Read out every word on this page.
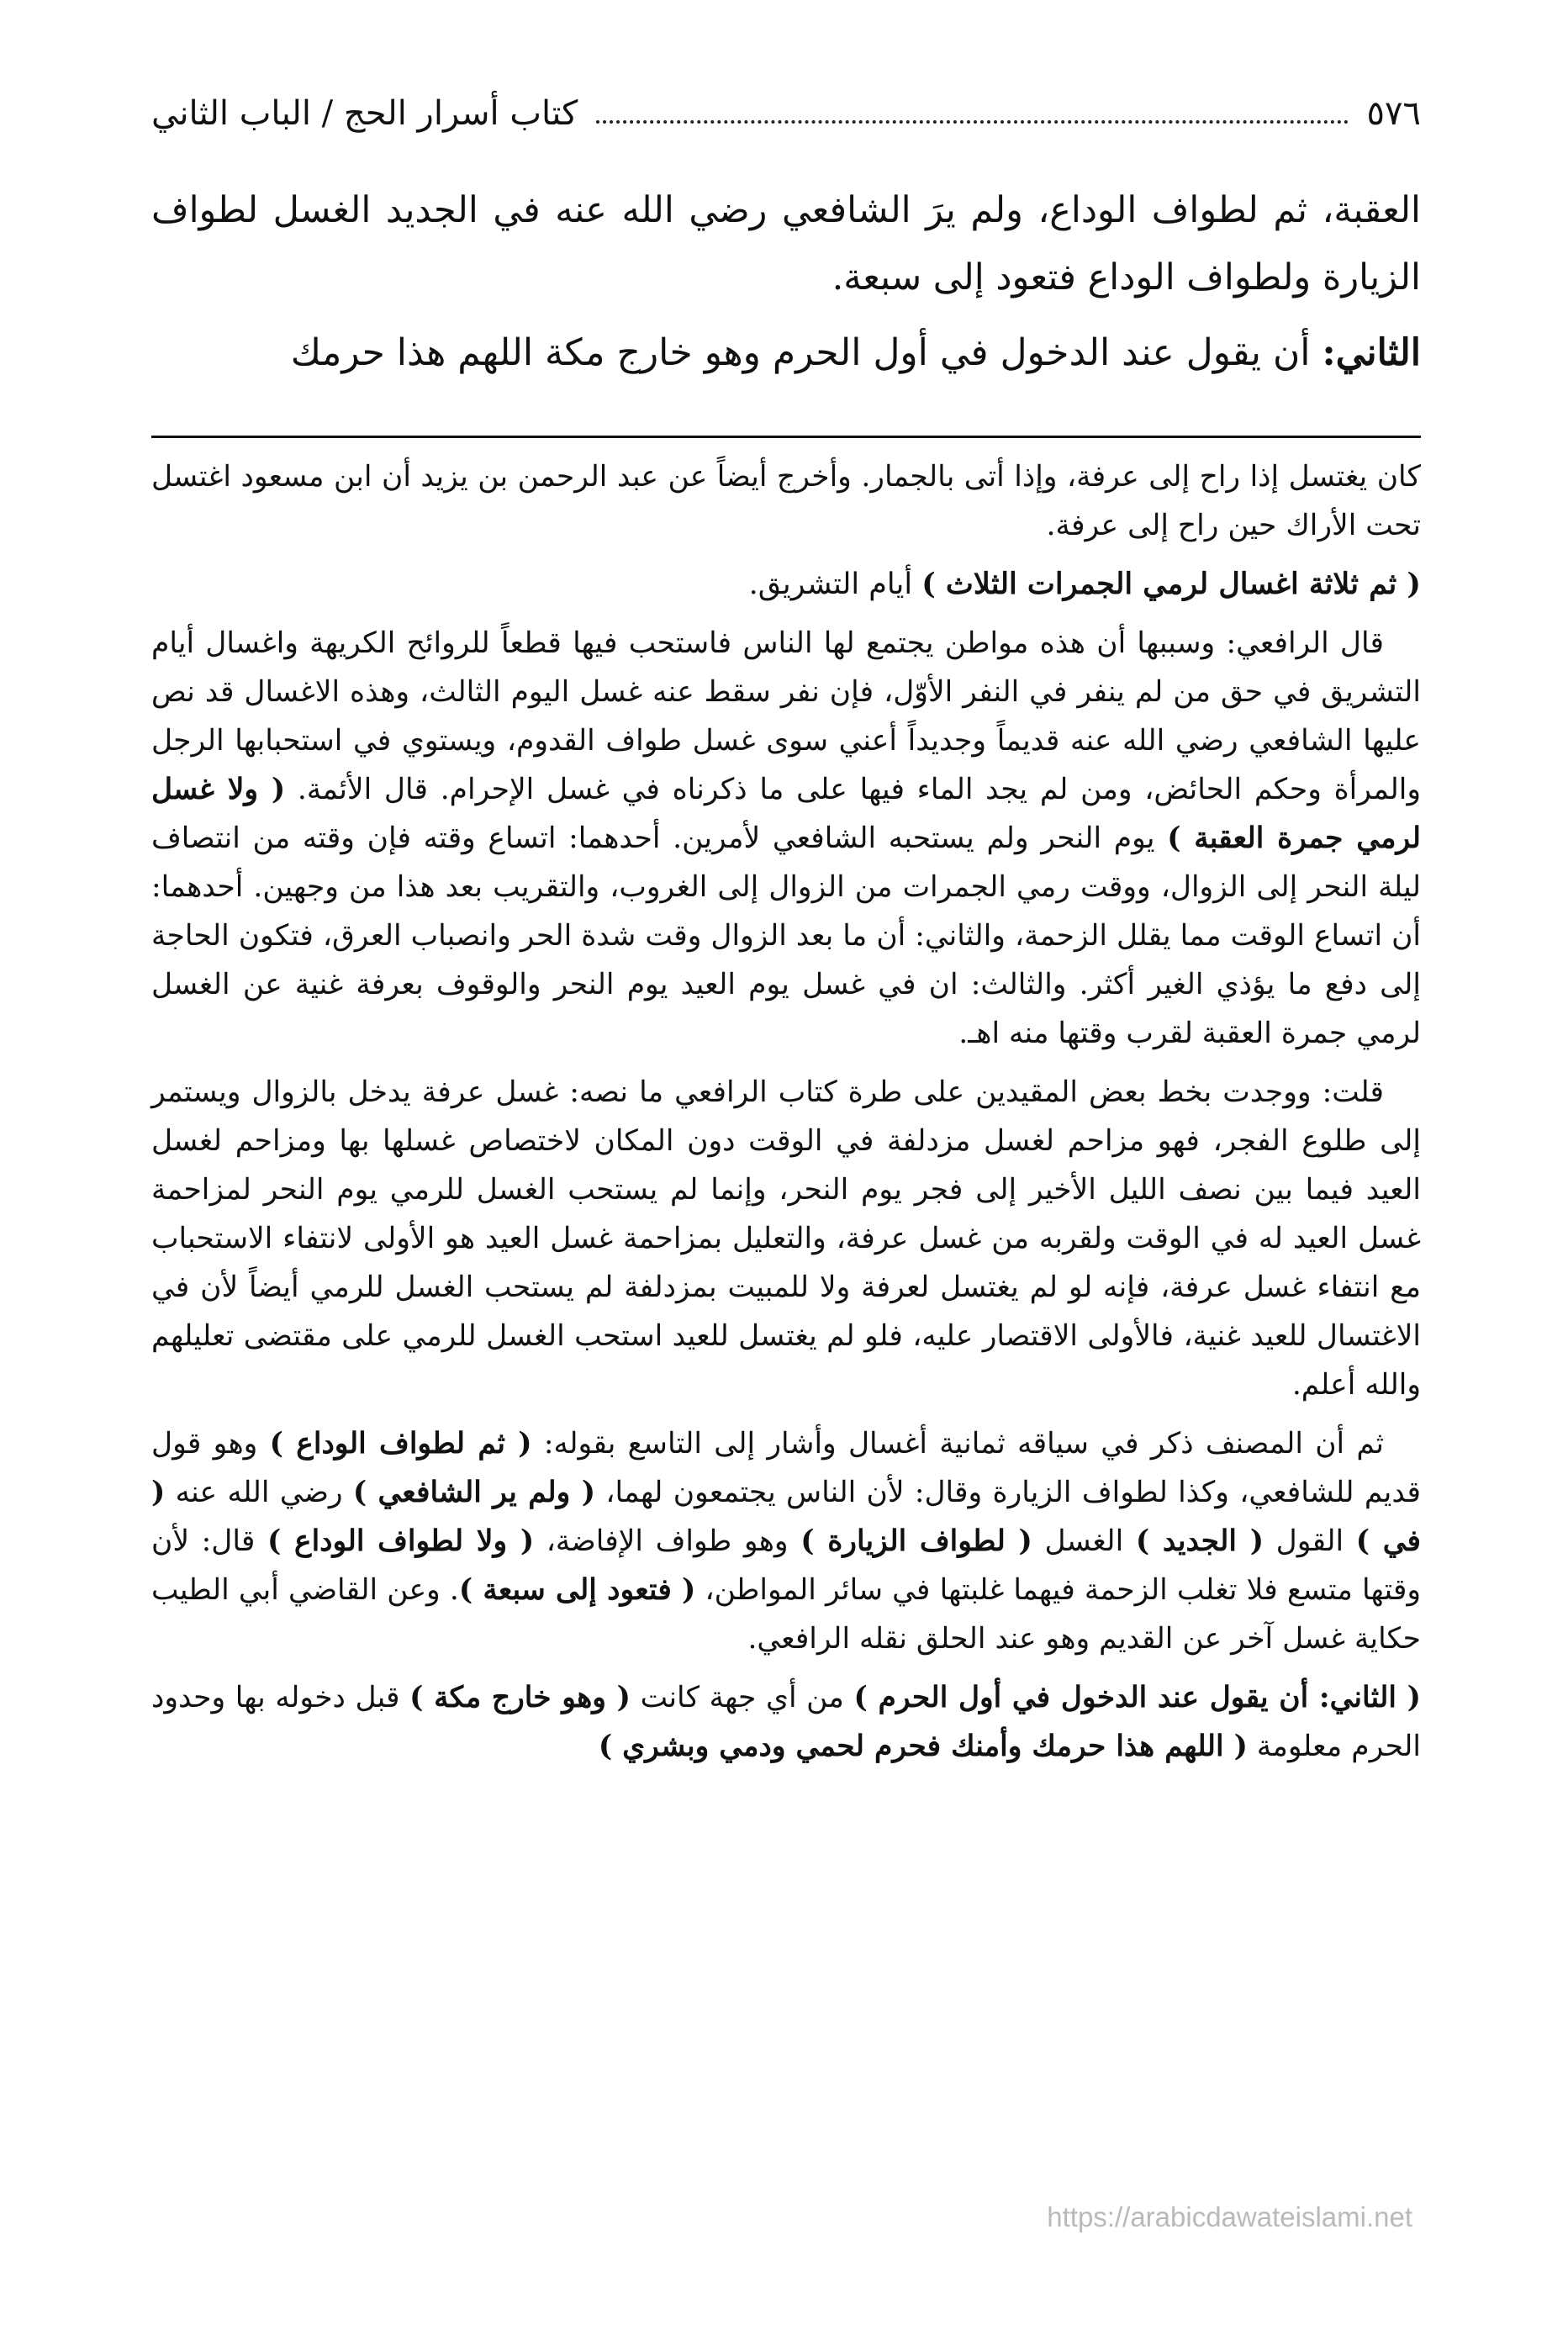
٥٧٦
كتاب أسرار الحج / الباب الثاني

العقبة، ثم لطواف الوداع، ولم يرَ الشافعي رضي الله عنه في الجديد الغسل لطواف الزيارة ولطواف الوداع فتعود إلى سبعة.

الثاني: أن يقول عند الدخول في أول الحرم وهو خارج مكة اللهم هذا حرمك

كان يغتسل إذا راح إلى عرفة، وإذا أتى بالجمار. وأخرج أيضاً عن عبد الرحمن بن يزيد أن ابن مسعود اغتسل تحت الأراك حين راح إلى عرفة.

( ثم ثلاثة اغسال لرمي الجمرات الثلاث ) أيام التشريق.

قال الرافعي: وسببها أن هذه مواطن يجتمع لها الناس فاستحب فيها قطعاً للروائح الكريهة واغسال أيام التشريق في حق من لم ينفر في النفر الأوّل، فإن نفر سقط عنه غسل اليوم الثالث، وهذه الاغسال قد نص عليها الشافعي رضي الله عنه قديماً وجديداً أعني سوى غسل طواف القدوم، ويستوي في استحبابها الرجل والمرأة وحكم الحائض، ومن لم يجد الماء فيها على ما ذكرناه في غسل الإحرام. قال الأئمة. ( ولا غسل لرمي جمرة العقبة ) يوم النحر ولم يستحبه الشافعي لأمرين. أحدهما: اتساع وقته فإن وقته من انتصاف ليلة النحر إلى الزوال، ووقت رمي الجمرات من الزوال إلى الغروب، والتقريب بعد هذا من وجهين. أحدهما: أن اتساع الوقت مما يقلل الزحمة، والثاني: أن ما بعد الزوال وقت شدة الحر وانصباب العرق، فتكون الحاجة إلى دفع ما يؤذي الغير أكثر. والثالث: ان في غسل يوم العيد يوم النحر والوقوف بعرفة غنية عن الغسل لرمي جمرة العقبة لقرب وقتها منه اهـ.

قلت: ووجدت بخط بعض المقيدين على طرة كتاب الرافعي ما نصه: غسل عرفة يدخل بالزوال ويستمر إلى طلوع الفجر، فهو مزاحم لغسل مزدلفة في الوقت دون المكان لاختصاص غسلها بها ومزاحم لغسل العيد فيما بين نصف الليل الأخير إلى فجر يوم النحر، وإنما لم يستحب الغسل للرمي يوم النحر لمزاحمة غسل العيد له في الوقت ولقربه من غسل عرفة، والتعليل بمزاحمة غسل العيد هو الأولى لانتفاء الاستحباب مع انتفاء غسل عرفة، فإنه لو لم يغتسل لعرفة ولا للمبيت بمزدلفة لم يستحب الغسل للرمي أيضاً لأن في الاغتسال للعيد غنية، فالأولى الاقتصار عليه، فلو لم يغتسل للعيد استحب الغسل للرمي على مقتضى تعليلهم والله أعلم.

ثم أن المصنف ذكر في سياقه ثمانية أغسال وأشار إلى التاسع بقوله: ( ثم لطواف الوداع ) وهو قول قديم للشافعي، وكذا لطواف الزيارة وقال: لأن الناس يجتمعون لهما، ( ولم ير الشافعي ) رضي الله عنه ( في ) القول ( الجديد ) الغسل ( لطواف الزيارة ) وهو طواف الإفاضة، ( ولا لطواف الوداع ) قال: لأن وقتها متسع فلا تغلب الزحمة فيهما غلبتها في سائر المواطن، ( فتعود إلى سبعة ). وعن القاضي أبي الطيب حكاية غسل آخر عن القديم وهو عند الحلق نقله الرافعي.

( الثاني: أن يقول عند الدخول في أول الحرم ) من أي جهة كانت ( وهو خارج مكة ) قبل دخوله بها وحدود الحرم معلومة ( اللهم هذا حرمك وأمنك فحرم لحمي ودمي وبشري )

https://arabicdawateislami.net
